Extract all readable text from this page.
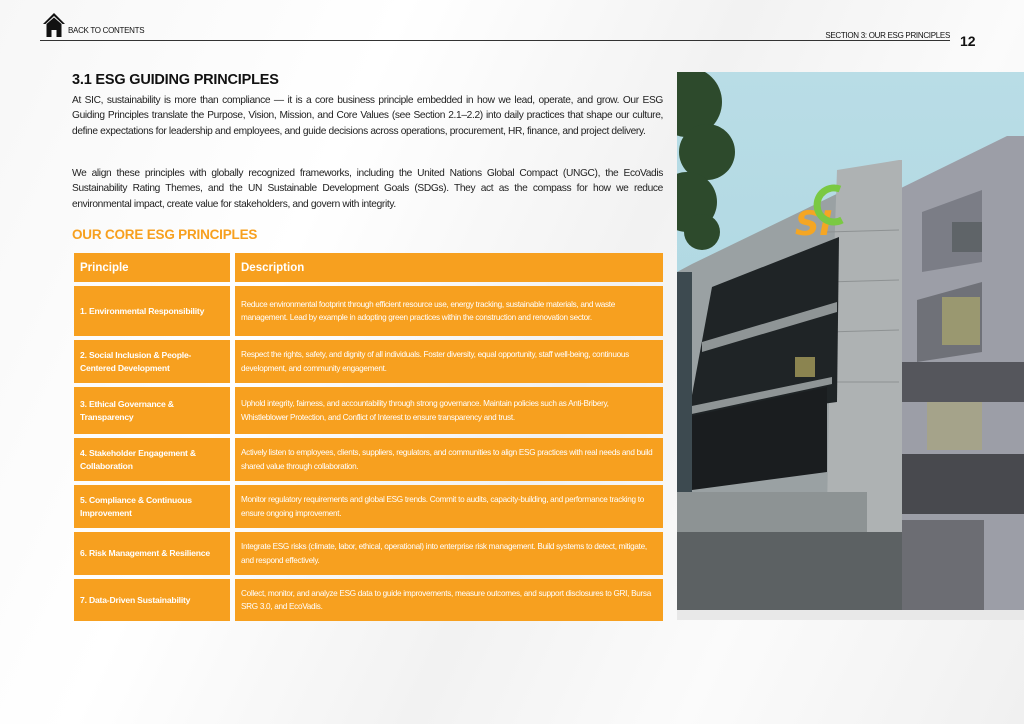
BACK TO CONTENTS
SECTION 3: OUR ESG PRINCIPLES 12
3.1 ESG GUIDING PRINCIPLES

At SIC, sustainability is more than compliance — it is a core business principle embedded in how we lead, operate, and grow. Our ESG Guiding Principles translate the Purpose, Vision, Mission, and Core Values (see Section 2.1–2.2) into daily practices that shape our culture, define expectations for leadership and employees, and guide decisions across operations, procurement, HR, finance, and project delivery.

We align these principles with globally recognized frameworks, including the United Nations Global Compact (UNGC), the EcoVadis Sustainability Rating Themes, and the UN Sustainable Development Goals (SDGs). They act as the compass for how we reduce environmental impact, create value for stakeholders, and govern with integrity.

OUR CORE ESG PRINCIPLES
Principle	Description
1. Environmental Responsibility
Reduce environmental footprint through efficient resource use, energy tracking, sustainable materials, and waste management. Lead by example in adopting green practices within the construction and renovation sector.
2. Social Inclusion & People-Centered Development
Respect the rights, safety, and dignity of all individuals. Foster diversity, equal opportunity, staff well-being, continuous development, and community engagement.
3. Ethical Governance & Transparency
Uphold integrity, fairness, and accountability through strong governance. Maintain policies such as Anti-Bribery, Whistleblower Protection, and Conflict of Interest to ensure transparency and trust.
4. Stakeholder Engagement & Collaboration
Actively listen to employees, clients, suppliers, regulators, and communities to align ESG practices with real needs and build shared value through collaboration.
5. Compliance & Continuous Improvement
Monitor regulatory requirements and global ESG trends. Commit to audits, capacity-building, and performance tracking to ensure ongoing improvement.
6. Risk Management & Resilience
Integrate ESG risks (climate, labor, ethical, operational) into enterprise risk management. Build systems to detect, mitigate, and respond effectively.
7. Data-Driven Sustainability
Collect, monitor, and analyze ESG data to guide improvements, measure outcomes, and support disclosures to GRI, Bursa SRG 3.0, and EcoVadis.
SI
